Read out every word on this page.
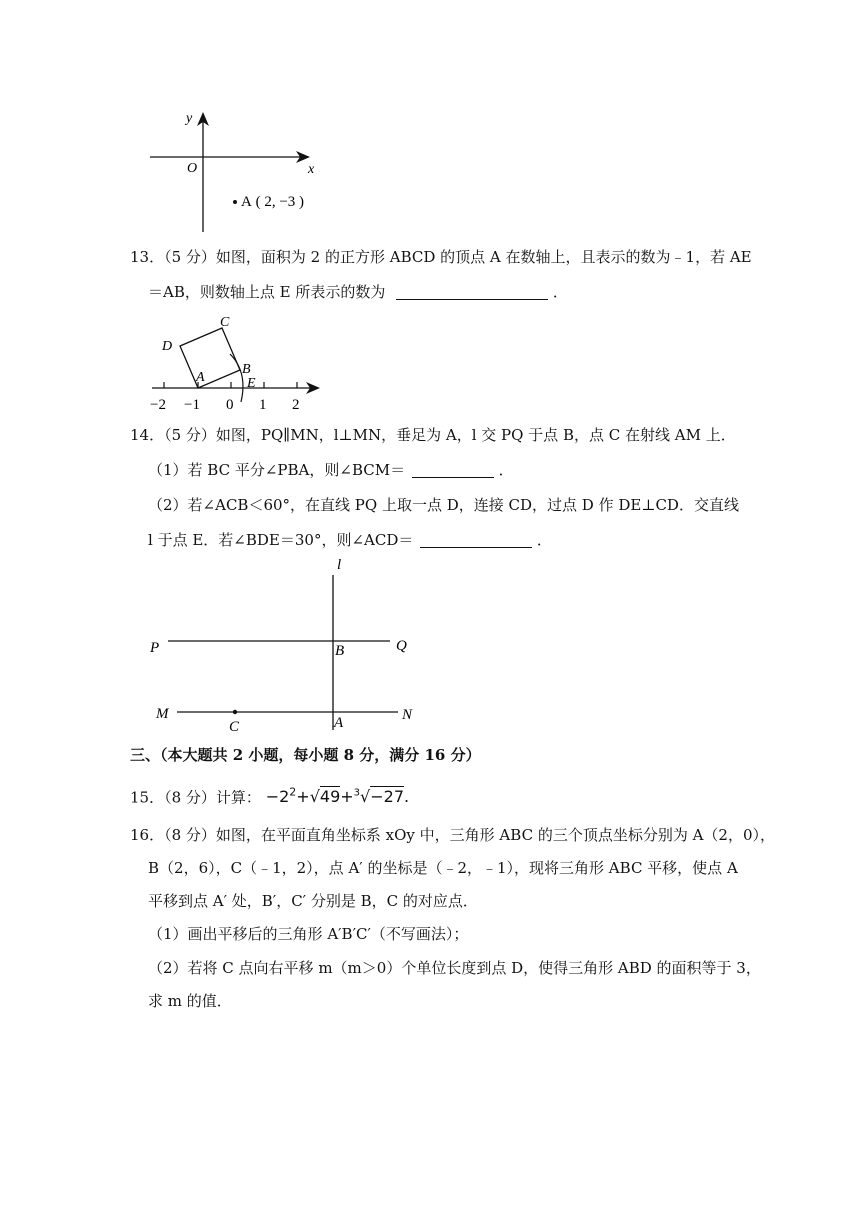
y
x
O
A ( 2, −3 )
13．（5 分）如图，面积为 2 的正方形 ABCD 的顶点 A 在数轴上，且表示的数为﹣1，若 AE
＝AB，则数轴上点 E 所表示的数为	．
−2 −1 0 1 2
A
B
C
D
E
14．（5 分）如图，PQ∥MN，l⊥MN，垂足为 A，l 交 PQ 于点 B，点 C 在射线 AM 上．
（1）若 BC 平分∠PBA，则∠BCM＝	．
（2）若∠ACB＜60°，在直线 PQ 上取一点 D，连接 CD，过点 D 作 DE⊥CD．交直线
l 于点 E．若∠BDE＝30°，则∠ACD＝	．
l
P	Q
B
M	N
C	A
三、（本大题共 2 小题，每小题 8 分，满分 16 分）
15．（8 分）计算： $-2^2+√49+^3√-27$.
16．（8 分）如图，在平面直角坐标系 xOy 中，三角形 ABC 的三个顶点坐标分别为 A（2，0），
B（2，6），C（﹣1，2），点 A′ 的坐标是（﹣2，﹣1），现将三角形 ABC 平移，使点 A
平移到点 A′ 处，B′，C′ 分别是 B，C 的对应点．
（1）画出平移后的三角形 A′B′C′（不写画法）；
（2）若将 C 点向右平移 m（m＞0）个单位长度到点 D，使得三角形 ABD 的面积等于 3，
求 m 的值．
